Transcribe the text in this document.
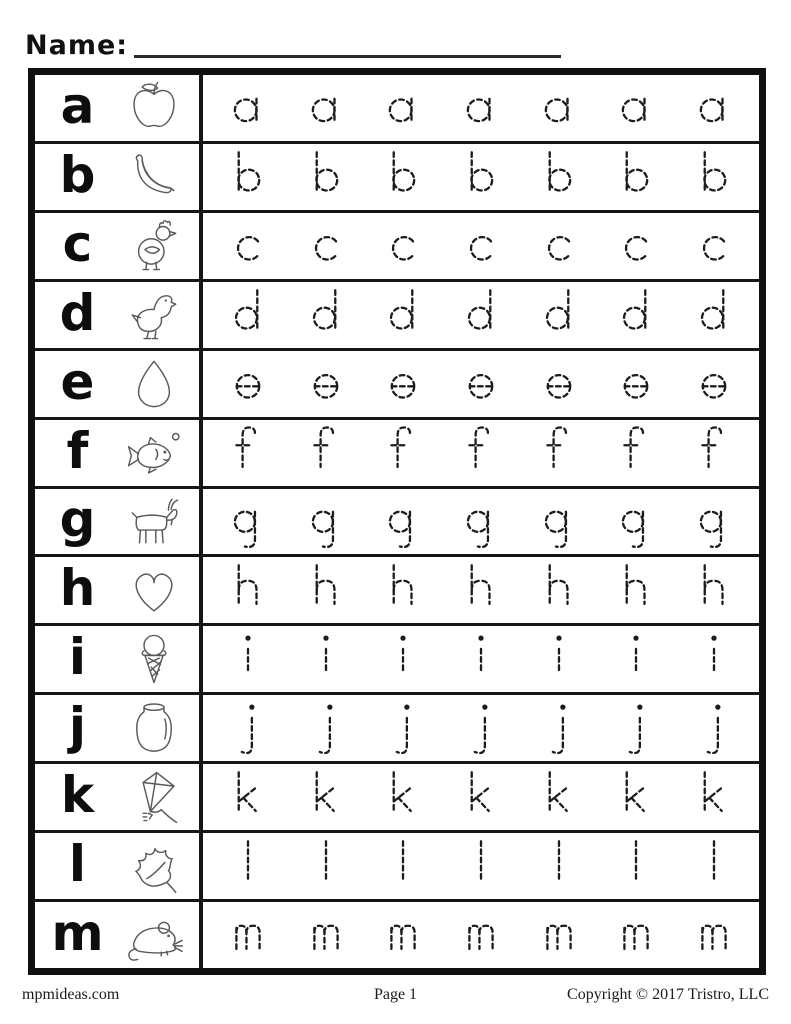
Name:
a
b
c
d
e
f
g
h
i
j
k
l
m
mpmideas.com	Page 1	Copyright © 2017 Tristro, LLC
